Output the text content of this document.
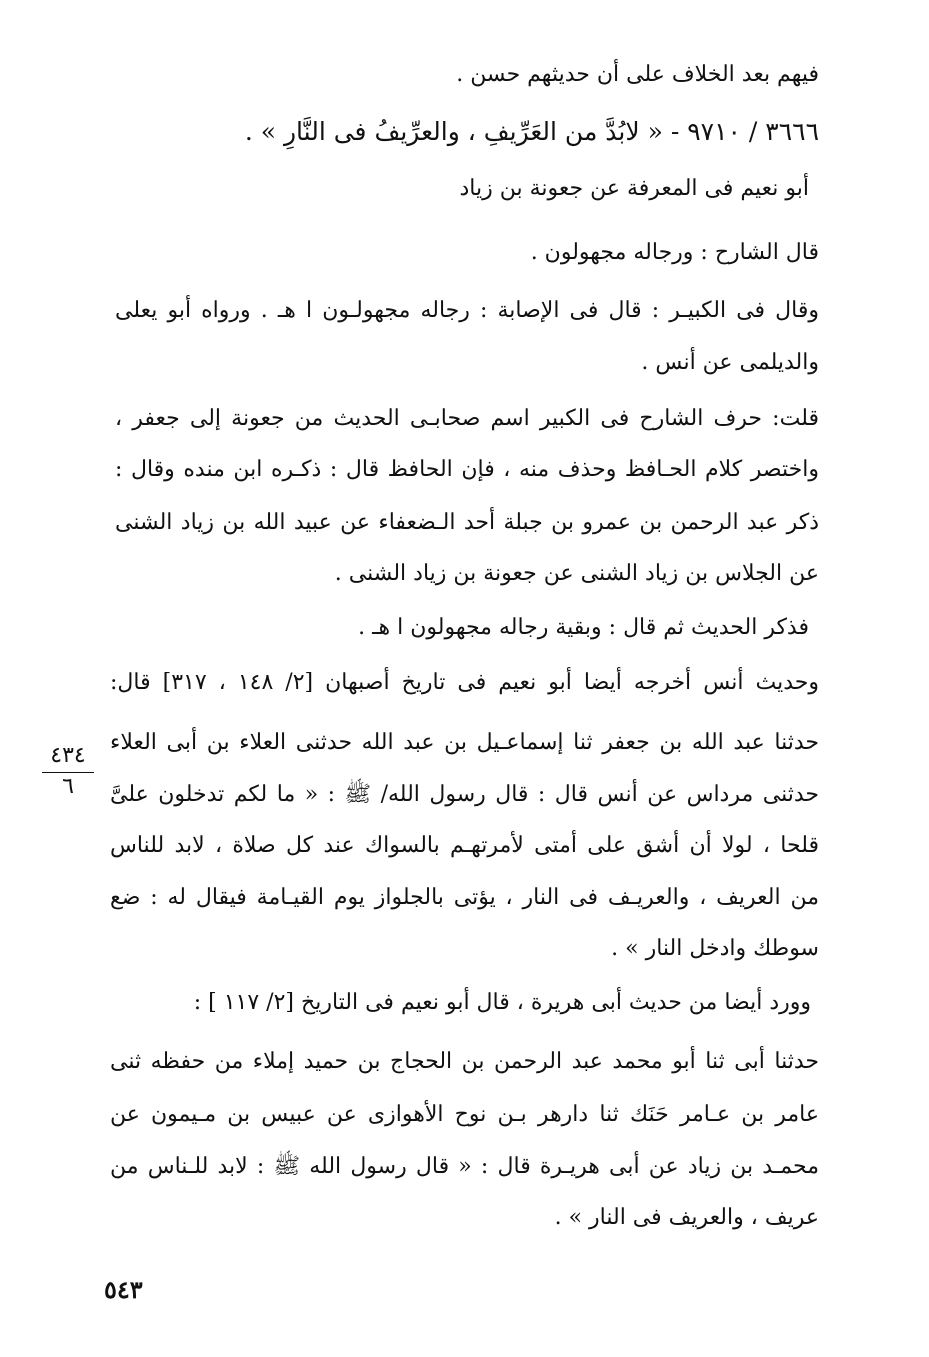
فيهم بعد الخلاف على أن حديثهم حسن .
٣٦٦٦ / ٩٧١٠ - « لابُدَّ من العَرِّيفِ ، والعرِّيفُ فى النَّارِ » .
أبو نعيم فى المعرفة عن جعونة بن زياد
قال الشارح : ورجاله مجهولون .
وقال فى الكبيـر : قال فى الإصابة : رجاله مجهولـون ا هـ . ورواه أبو يعلى
والديلمى عن أنس .
قلت: حرف الشارح فى الكبير اسم صحابـى الحديث من جعونة إلى جعفر ،
واختصر كلام الحـافظ وحذف منه ، فإن الحافظ قال : ذكـره ابن منده وقال :
ذكر عبد الرحمن بن عمرو بن جبلة أحد الـضعفاء عن عبيد الله بن زياد الشنى
عن الجلاس بن زياد الشنى عن جعونة بن زياد الشنى .
فذكر الحديث ثم قال : وبقية رجاله مجهولون ا هـ .
وحديث أنس أخرجه أيضا أبو نعيم فى تاريخ أصبهان [٢/ ١٤٨ ، ٣١٧] قال:
حدثنا عبد الله بن جعفر ثنا إسماعـيل بن عبد الله حدثنى العلاء بن أبى العلاء
حدثنى مرداس عن أنس قال : قال رسول الله/ ﷺ : « ما لكم تدخلون علىَّ
قلحا ، لولا أن أشق على أمتى لأمرتهـم بالسواك عند كل صلاة ، لابد للناس
من العريف ، والعريـف فى النار ، يؤتى بالجلواز يوم القيـامة فيقال له : ضع
سوطك وادخل النار » .
وورد أيضا من حديث أبى هريرة ، قال أبو نعيم فى التاريخ [٢/ ١١٧ ] :
حدثنا أبى ثنا أبو محمد عبد الرحمن بن الحجاج بن حميد إملاء من حفظه ثنى
عامر بن عـامر حَنَك ثنا دارهر بـن نوح الأهوازى عن عبيس بن مـيمون عن
محمـد بن زياد عن أبى هريـرة قال : « قال رسول الله ﷺ : لابد للـناس من
عريف ، والعريف فى النار » .
٤٣٤
٦
٥٤٣
